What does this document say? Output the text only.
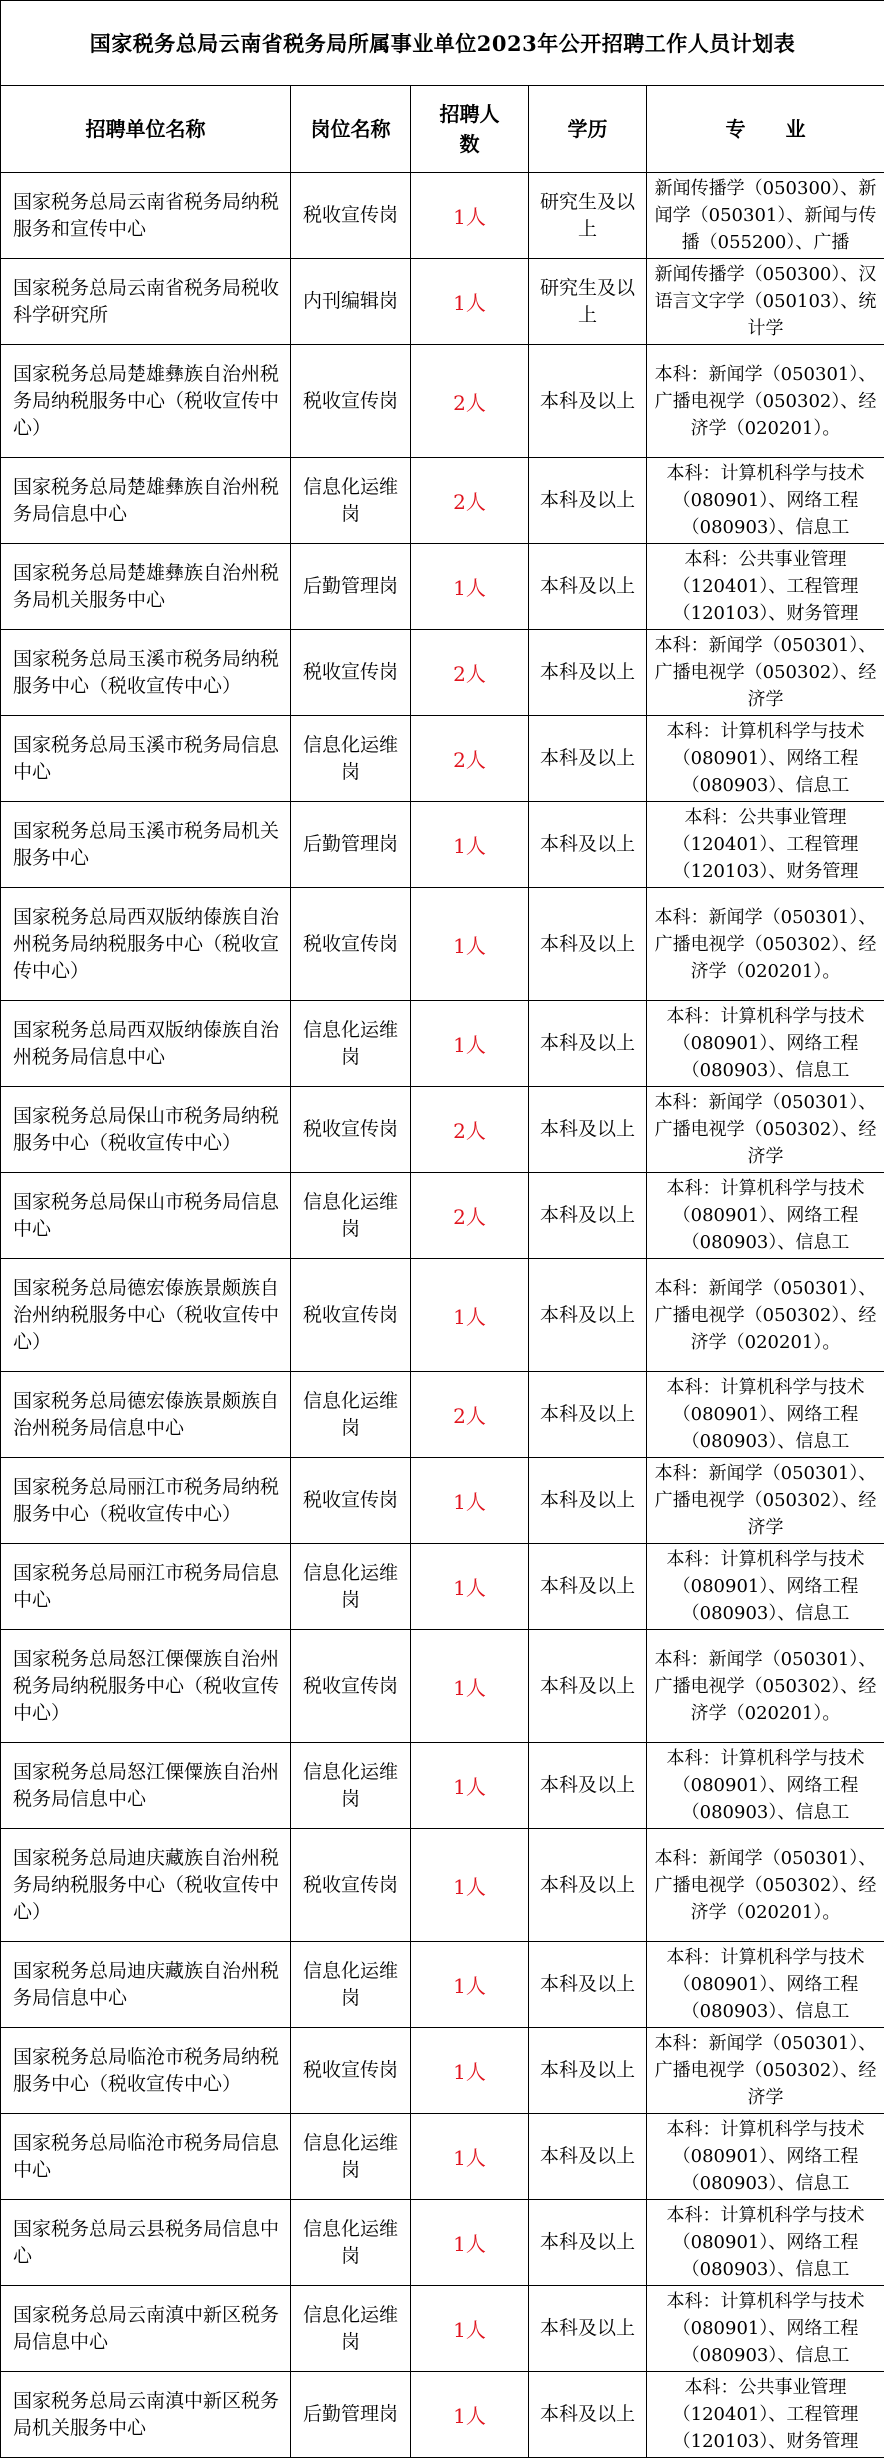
国家税务总局云南省税务局所属事业单位2023年公开招聘工作人员计划表				
招聘单位名称	岗位名称	招聘人数	学历	专　　业
国家税务总局云南省税务局纳税服务和宣传中心	税收宣传岗	1人	研究生及以上	新闻传播学（050300）、新闻学（050301）、新闻与传播（055200）、广播

国家税务总局云南省税务局税收科学研究所	内刊编辑岗	1人	研究生及以上	新闻传播学（050300）、汉语言文字学（050103）、统计学

国家税务总局楚雄彝族自治州税务局纳税服务中心（税收宣传中心）	税收宣传岗	2人	本科及以上	本科：新闻学（050301）、广播电视学（050302）、经济学（020201）。

国家税务总局楚雄彝族自治州税务局信息中心	信息化运维岗	2人	本科及以上	本科：计算机科学与技术（080901）、网络工程（080903）、信息工

国家税务总局楚雄彝族自治州税务局机关服务中心	后勤管理岗	1人	本科及以上	本科：公共事业管理（120401）、工程管理（120103）、财务管理

国家税务总局玉溪市税务局纳税服务中心（税收宣传中心）	税收宣传岗	2人	本科及以上	本科：新闻学（050301）、广播电视学（050302）、经济学

国家税务总局玉溪市税务局信息中心	信息化运维岗	2人	本科及以上	本科：计算机科学与技术（080901）、网络工程（080903）、信息工

国家税务总局玉溪市税务局机关服务中心	后勤管理岗	1人	本科及以上	本科：公共事业管理（120401）、工程管理（120103）、财务管理

国家税务总局西双版纳傣族自治州税务局纳税服务中心（税收宣传中心）	税收宣传岗	1人	本科及以上	本科：新闻学（050301）、广播电视学（050302）、经济学（020201）。

国家税务总局西双版纳傣族自治州税务局信息中心	信息化运维岗	1人	本科及以上	本科：计算机科学与技术（080901）、网络工程（080903）、信息工

国家税务总局保山市税务局纳税服务中心（税收宣传中心）	税收宣传岗	2人	本科及以上	本科：新闻学（050301）、广播电视学（050302）、经济学

国家税务总局保山市税务局信息中心	信息化运维岗	2人	本科及以上	本科：计算机科学与技术（080901）、网络工程（080903）、信息工

国家税务总局德宏傣族景颇族自治州纳税服务中心（税收宣传中心）	税收宣传岗	1人	本科及以上	本科：新闻学（050301）、广播电视学（050302）、经济学（020201）。

国家税务总局德宏傣族景颇族自治州税务局信息中心	信息化运维岗	2人	本科及以上	本科：计算机科学与技术（080901）、网络工程（080903）、信息工

国家税务总局丽江市税务局纳税服务中心（税收宣传中心）	税收宣传岗	1人	本科及以上	本科：新闻学（050301）、广播电视学（050302）、经济学

国家税务总局丽江市税务局信息中心	信息化运维岗	1人	本科及以上	本科：计算机科学与技术（080901）、网络工程（080903）、信息工

国家税务总局怒江傈僳族自治州税务局纳税服务中心（税收宣传中心）	税收宣传岗	1人	本科及以上	本科：新闻学（050301）、广播电视学（050302）、经济学（020201）。

国家税务总局怒江傈僳族自治州税务局信息中心	信息化运维岗	1人	本科及以上	本科：计算机科学与技术（080901）、网络工程（080903）、信息工

国家税务总局迪庆藏族自治州税务局纳税服务中心（税收宣传中心）	税收宣传岗	1人	本科及以上	本科：新闻学（050301）、广播电视学（050302）、经济学（020201）。

国家税务总局迪庆藏族自治州税务局信息中心	信息化运维岗	1人	本科及以上	本科：计算机科学与技术（080901）、网络工程（080903）、信息工

国家税务总局临沧市税务局纳税服务中心（税收宣传中心）	税收宣传岗	1人	本科及以上	本科：新闻学（050301）、广播电视学（050302）、经济学

国家税务总局临沧市税务局信息中心	信息化运维岗	1人	本科及以上	本科：计算机科学与技术（080901）、网络工程（080903）、信息工

国家税务总局云县税务局信息中心	信息化运维岗	1人	本科及以上	本科：计算机科学与技术（080901）、网络工程（080903）、信息工

国家税务总局云南滇中新区税务局信息中心	信息化运维岗	1人	本科及以上	本科：计算机科学与技术（080901）、网络工程（080903）、信息工

国家税务总局云南滇中新区税务局机关服务中心	后勤管理岗	1人	本科及以上	本科：公共事业管理（120401）、工程管理（120103）、财务管理
